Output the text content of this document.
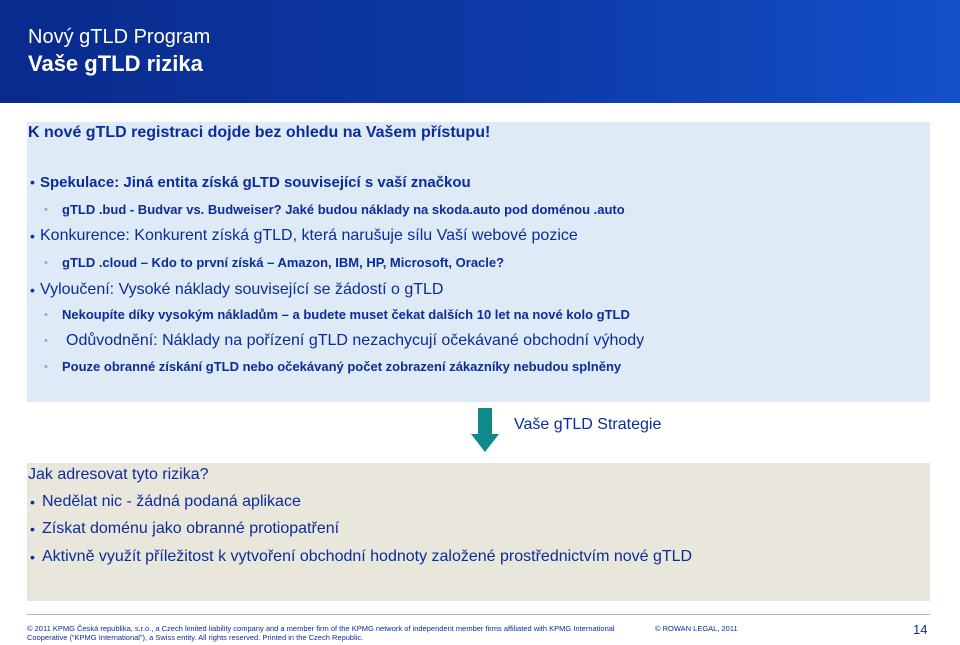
Nový gTLD Program
Vaše gTLD rizika
K nové gTLD registraci dojde bez ohledu na Vašem přístupu!
• Spekulace: Jiná entita získá gLTD související s vaší značkou
• gTLD .bud - Budvar vs. Budweiser? Jaké budou náklady na skoda.auto pod doménou .auto
• Konkurence: Konkurent získá gTLD, která narušuje sílu Vaší webové pozice
• gTLD .cloud – Kdo to první získá – Amazon, IBM, HP, Microsoft, Oracle?
• Vyloučení: Vysoké náklady související se žádostí o gTLD
• Nekoupíte díky vysokým nákladům – a budete muset čekat dalších 10 let na nové kolo gTLD
• Odůvodnění: Náklady na pořízení gTLD nezachycují očekávané obchodní výhody
• Pouze obranné získání gTLD nebo očekávaný počet zobrazení zákazníky nebudou splněny
Vaše gTLD Strategie
Jak adresovat tyto rizika?
• Nedělat nic - žádná podaná aplikace
• Získat doménu jako obranné protiopatření
• Aktivně využít příležitost k vytvoření obchodní hodnoty založené prostřednictvím nové gTLD
© 2011 KPMG Česká republika, s.r.o., a Czech limited liability company and a member firm of the KPMG network of independent member firms affiliated with KPMG International
Cooperative (“KPMG International”), a Swiss entity. All rights reserved. Printed in the Czech Republic.
© ROWAN LEGAL, 2011	14
